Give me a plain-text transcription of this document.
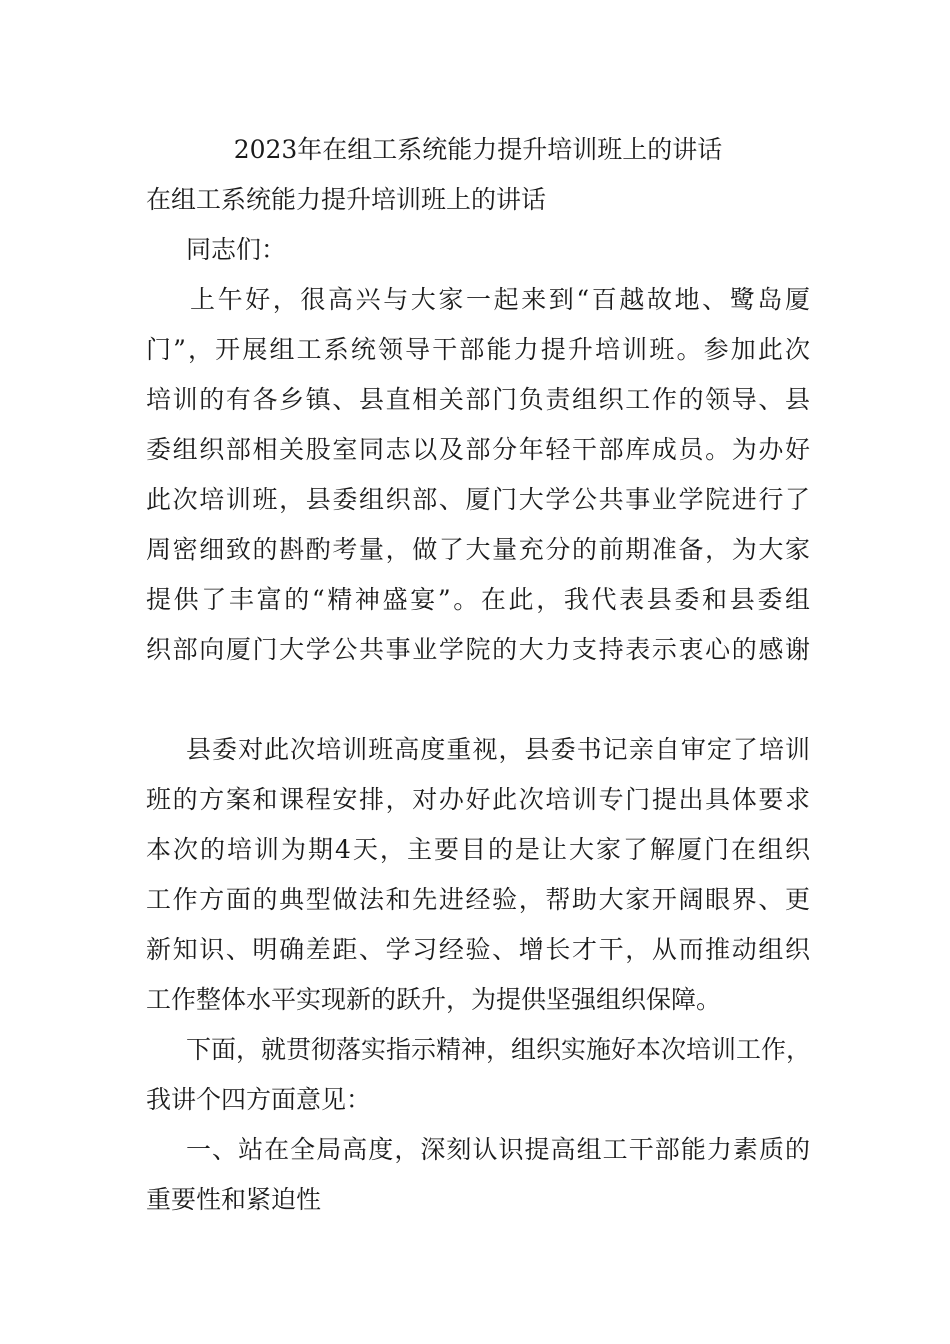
2023年在组工系统能力提升培训班上的讲话
在组工系统能力提升培训班上的讲话
同志们：
上午好，很高兴与大家一起来到“百越故地、鹭岛厦
门”，开展组工系统领导干部能力提升培训班。参加此次
培训的有各乡镇、县直相关部门负责组织工作的领导、县
委组织部相关股室同志以及部分年轻干部库成员。为办好
此次培训班，县委组织部、厦门大学公共事业学院进行了
周密细致的斟酌考量，做了大量充分的前期准备，为大家
提供了丰富的“精神盛宴”。在此，我代表县委和县委组
织部向厦门大学公共事业学院的大力支持表示衷心的感谢
县委对此次培训班高度重视，县委书记亲自审定了培训
班的方案和课程安排，对办好此次培训专门提出具体要求
本次的培训为期4天，主要目的是让大家了解厦门在组织
工作方面的典型做法和先进经验，帮助大家开阔眼界、更
新知识、明确差距、学习经验、增长才干，从而推动组织
工作整体水平实现新的跃升，为提供坚强组织保障。
下面，就贯彻落实指示精神，组织实施好本次培训工作，
我讲个四方面意见：
一、站在全局高度，深刻认识提高组工干部能力素质的
重要性和紧迫性
